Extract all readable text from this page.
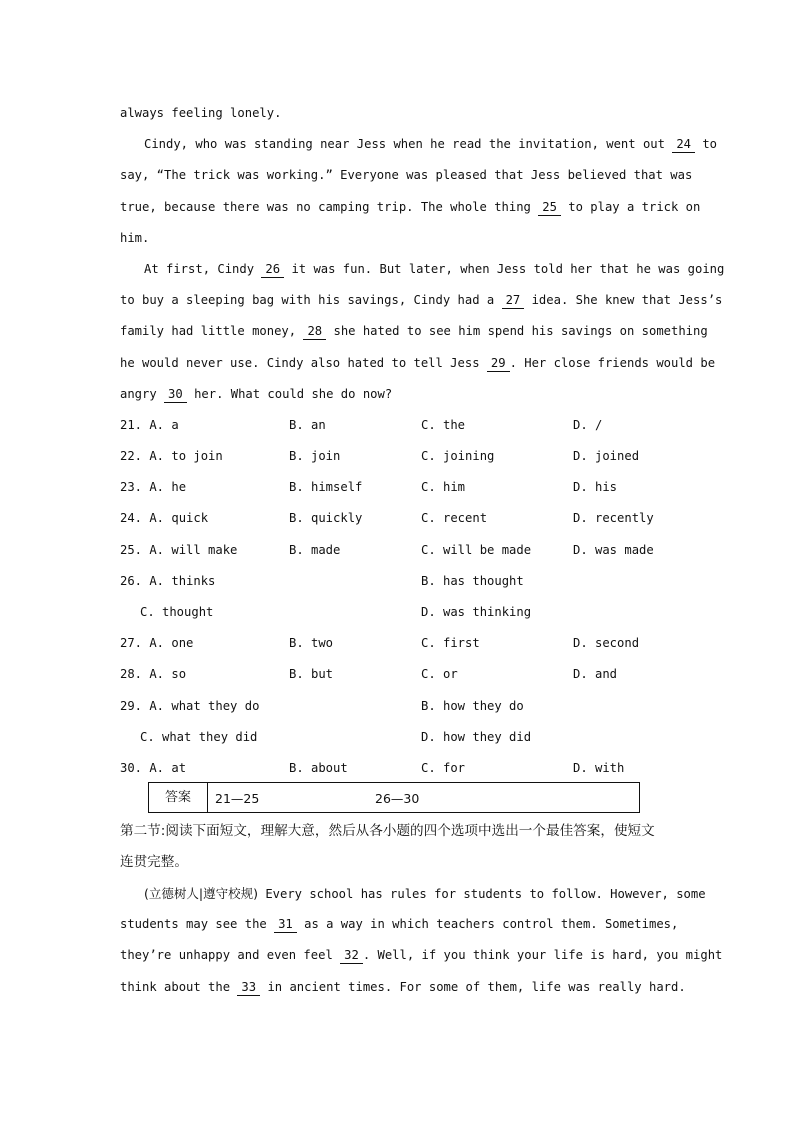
always feeling lonely.
Cindy, who was standing near Jess when he read the invitation, went out 24 to
say, “The trick was working.” Everyone was pleased that Jess believed that was
true, because there was no camping trip. The whole thing 25 to play a trick on
him.
At first, Cindy 26 it was fun. But later, when Jess told her that he was going
to buy a sleeping bag with his savings, Cindy had a 27 idea. She knew that Jess’s
family had little money, 28 she hated to see him spend his savings on something
he would never use. Cindy also hated to tell Jess 29 . Her close friends would be
angry 30 her. What could she do now?
21. A. a	B. an	C. the	D. /
22. A. to join	B. join	C. joining	D. joined
23. A. he	B. himself	C. him	D. his
24. A. quick	B. quickly	C. recent	D. recently
25. A. will make	B. made	C. will be made	D. was made
26. A. thinks	B. has thought
C. thought	D. was thinking
27. A. one	B. two	C. first	D. second
28. A. so	B. but	C. or	D. and
29. A. what they do	B. how they do
C. what they did	D. how they did
30. A. at	B. about	C. for	D. with
答案	21—25	26—30
第二节:阅读下面短文，理解大意，然后从各小题的四个选项中选出一个最佳答案，使短文
连贯完整。
(立德树人|遵守校规) Every school has rules for students to follow. However, some
students may see the 31 as a way in which teachers control them. Sometimes,
they’re unhappy and even feel 32 . Well, if you think your life is hard, you might
think about the 33 in ancient times. For some of them, life was really hard.
